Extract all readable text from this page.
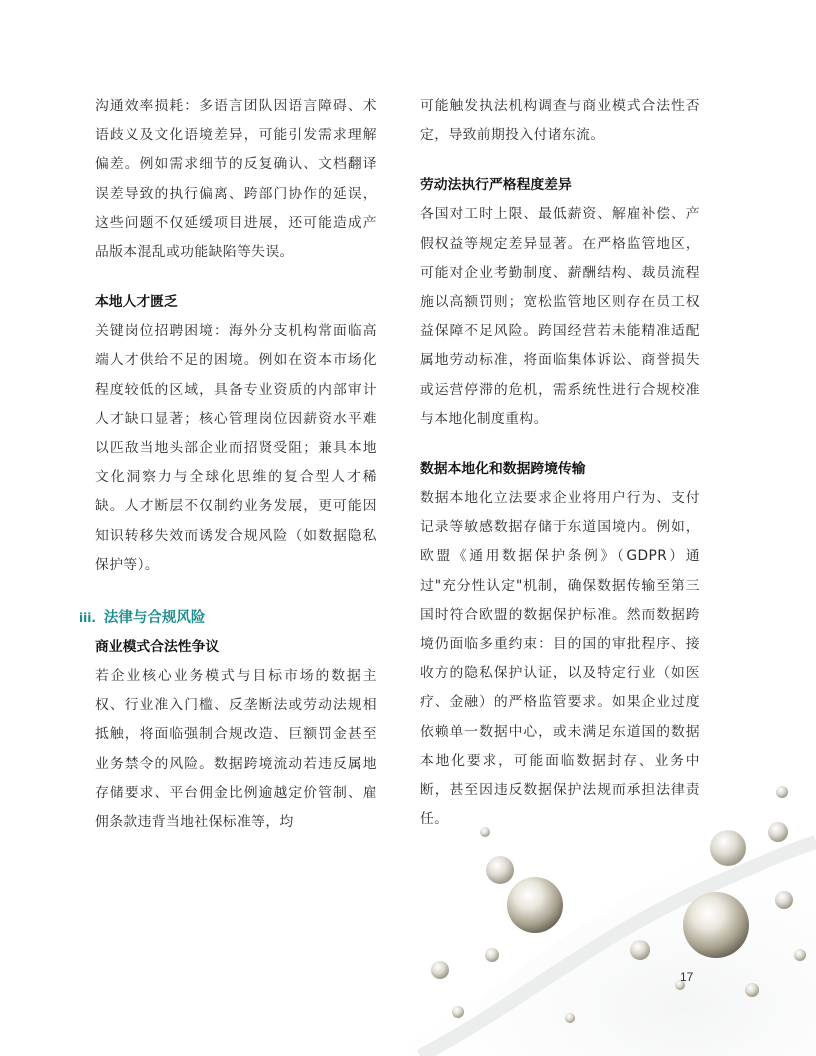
沟通效率损耗：多语言团队因语言障碍、术语歧义及文化语境差异，可能引发需求理解偏差。例如需求细节的反复确认、文档翻译误差导致的执行偏离、跨部门协作的延误，这些问题不仅延缓项目进展，还可能造成产品版本混乱或功能缺陷等失误。

本地人才匮乏

关键岗位招聘困境：海外分支机构常面临高端人才供给不足的困境。例如在资本市场化程度较低的区域，具备专业资质的内部审计人才缺口显著；核心管理岗位因薪资水平难以匹敌当地头部企业而招贤受阻；兼具本地文化洞察力与全球化思维的复合型人才稀缺。人才断层不仅制约业务发展，更可能因知识转移失效而诱发合规风险（如数据隐私保护等）。

iii. 法律与合规风险
商业模式合法性争议

若企业核心业务模式与目标市场的数据主权、行业准入门槛、反垄断法或劳动法规相抵触，将面临强制合规改造、巨额罚金甚至业务禁令的风险。数据跨境流动若违反属地存储要求、平台佣金比例逾越定价管制、雇佣条款违背当地社保标准等，均

可能触发执法机构调查与商业模式合法性否定，导致前期投入付诸东流。

劳动法执行严格程度差异

各国对工时上限、最低薪资、解雇补偿、产假权益等规定差异显著。在严格监管地区，可能对企业考勤制度、薪酬结构、裁员流程施以高额罚则；宽松监管地区则存在员工权益保障不足风险。跨国经营若未能精准适配属地劳动标准，将面临集体诉讼、商誉损失或运营停滞的危机，需系统性进行合规校准与本地化制度重构。

数据本地化和数据跨境传输

数据本地化立法要求企业将用户行为、支付记录等敏感数据存储于东道国境内。例如，欧盟《通用数据保护条例》（GDPR）通过"充分性认定"机制，确保数据传输至第三国时符合欧盟的数据保护标准。然而数据跨境仍面临多重约束：目的国的审批程序、接收方的隐私保护认证，以及特定行业（如医疗、金融）的严格监管要求。如果企业过度依赖单一数据中心，或未满足东道国的数据本地化要求，可能面临数据封存、业务中断，甚至因违反数据保护法规而承担法律责任。

17
